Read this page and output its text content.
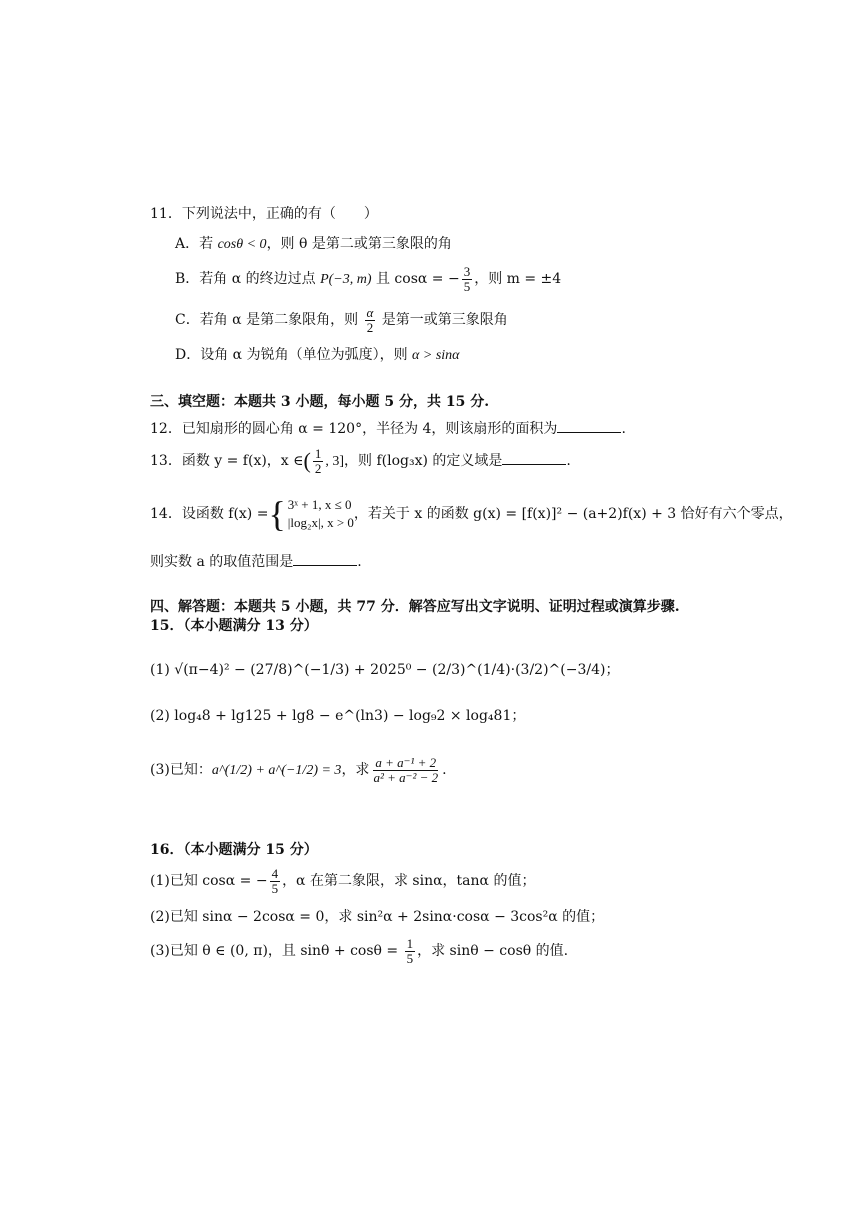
11．下列说法中，正确的有（　　）
A．若 cosθ < 0，则 θ 是第二或第三象限的角
B．若角 α 的终边过点 P(−3, m) 且 cosα = − $\frac{3}{5}$ ，则 m = ±4
C．若角 α 是第二象限角，则 $\frac{\alpha}{2}$ 是第一或第三象限角
D．设角 α 为锐角（单位为弧度），则 α > sinα
三、填空题：本题共 3 小题，每小题 5 分，共 15 分.
12．已知扇形的圆心角 α = 120°，半径为 4，则该扇形的面积为	.
13．函数 y = f(x)，x ∈( $\frac{1}{2}$ , 3]，则 f(log₃x) 的定义域是	.
14．设函数 f(x) = { 3ˣ + 1, x ≤ 0
|log₂x|, x > 0
，若关于 x 的函数 g(x) = [f(x)]² − (a+2)f(x) + 3 恰好有六个零点，
则实数 a 的取值范围是	.
四、解答题：本题共 5 小题，共 77 分．解答应写出文字说明、证明过程或演算步骤.
15．（本小题满分 13 分）
(1) √(π−4)² − (27/8)^(−1/3) + 2025⁰ − (2/3)^(1/4)·(3/2)^(−3/4)；
(2) log₄8 + lg125 + lg8 − e^(ln3) − log₉2 × log₄81；
(3)已知：a^(1/2) + a^(−1/2) = 3，求 $\frac{\text{a + a⁻¹ + 2}}{\text{a² + a⁻² − 2}}$ .
16．（本小题满分 15 分）
(1)已知 cosα = − $\frac{4}{5}$ ，α 在第二象限，求 sinα，tanα 的值；
(2)已知 sinα − 2cosα = 0，求 sin²α + 2sinα·cosα − 3cos²α 的值；
(3)已知 θ ∈ (0, π)，且 $\sin\theta + \cos\theta = \frac{1}{5}$ ，求 sinθ − cosθ 的值.
